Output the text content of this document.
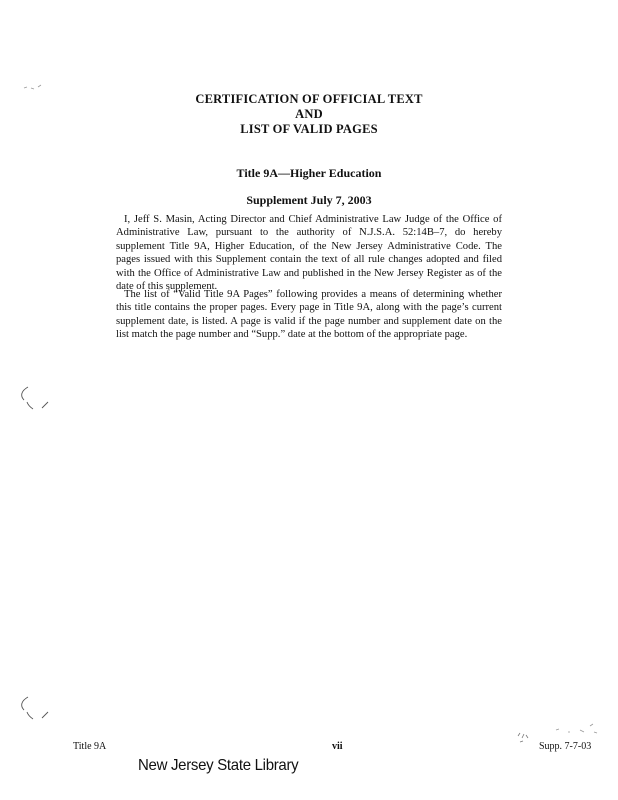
CERTIFICATION OF OFFICIAL TEXT
AND
LIST OF VALID PAGES
Title 9A—Higher Education
Supplement July 7, 2003

I, Jeff S. Masin, Acting Director and Chief Administrative Law Judge of the Office of Administrative Law, pursuant to the authority of N.J.S.A. 52:14B–7, do hereby supplement Title 9A, Higher Education, of the New Jersey Administrative Code. The pages issued with this Supplement contain the text of all rule changes adopted and filed with the Office of Administrative Law and published in the New Jersey Register as of the date of this supplement.

The list of “Valid Title 9A Pages” following provides a means of determining whether this title contains the proper pages. Every page in Title 9A, along with the page’s current supplement date, is listed. A page is valid if the page number and supplement date on the list match the page number and “Supp.” date at the bottom of the appropriate page.

Title 9A	vii	Supp. 7-7-03
New Jersey State Library
